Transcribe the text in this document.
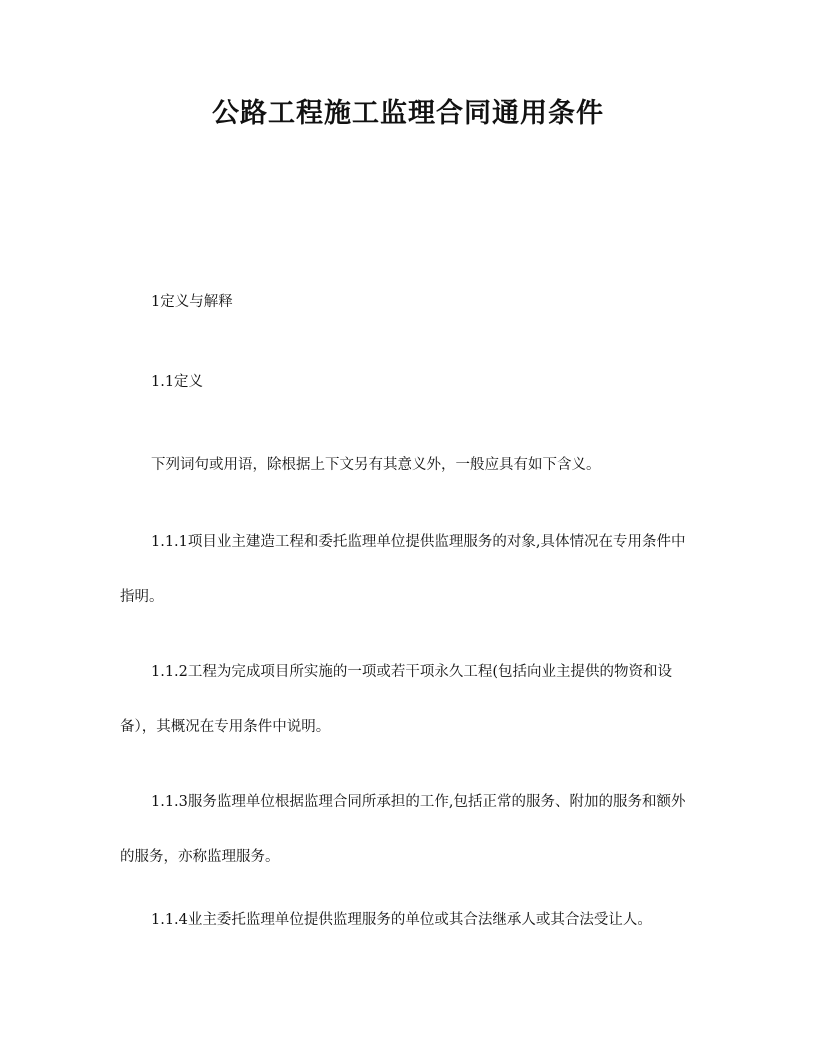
公路工程施工监理合同通用条件

1定义与解释

1.1定义

下列词句或用语，除根据上下文另有其意义外，一般应具有如下含义。

1.1.1项目业主建造工程和委托监理单位提供监理服务的对象,具体情况在专用条件中指明。

1.1.2工程为完成项目所实施的一项或若干项永久工程(包括向业主提供的物资和设备），其概况在专用条件中说明。

1.1.3服务监理单位根据监理合同所承担的工作,包括正常的服务、附加的服务和额外的服务，亦称监理服务。

1.1.4业主委托监理单位提供监理服务的单位或其合法继承人或其合法受让人。
